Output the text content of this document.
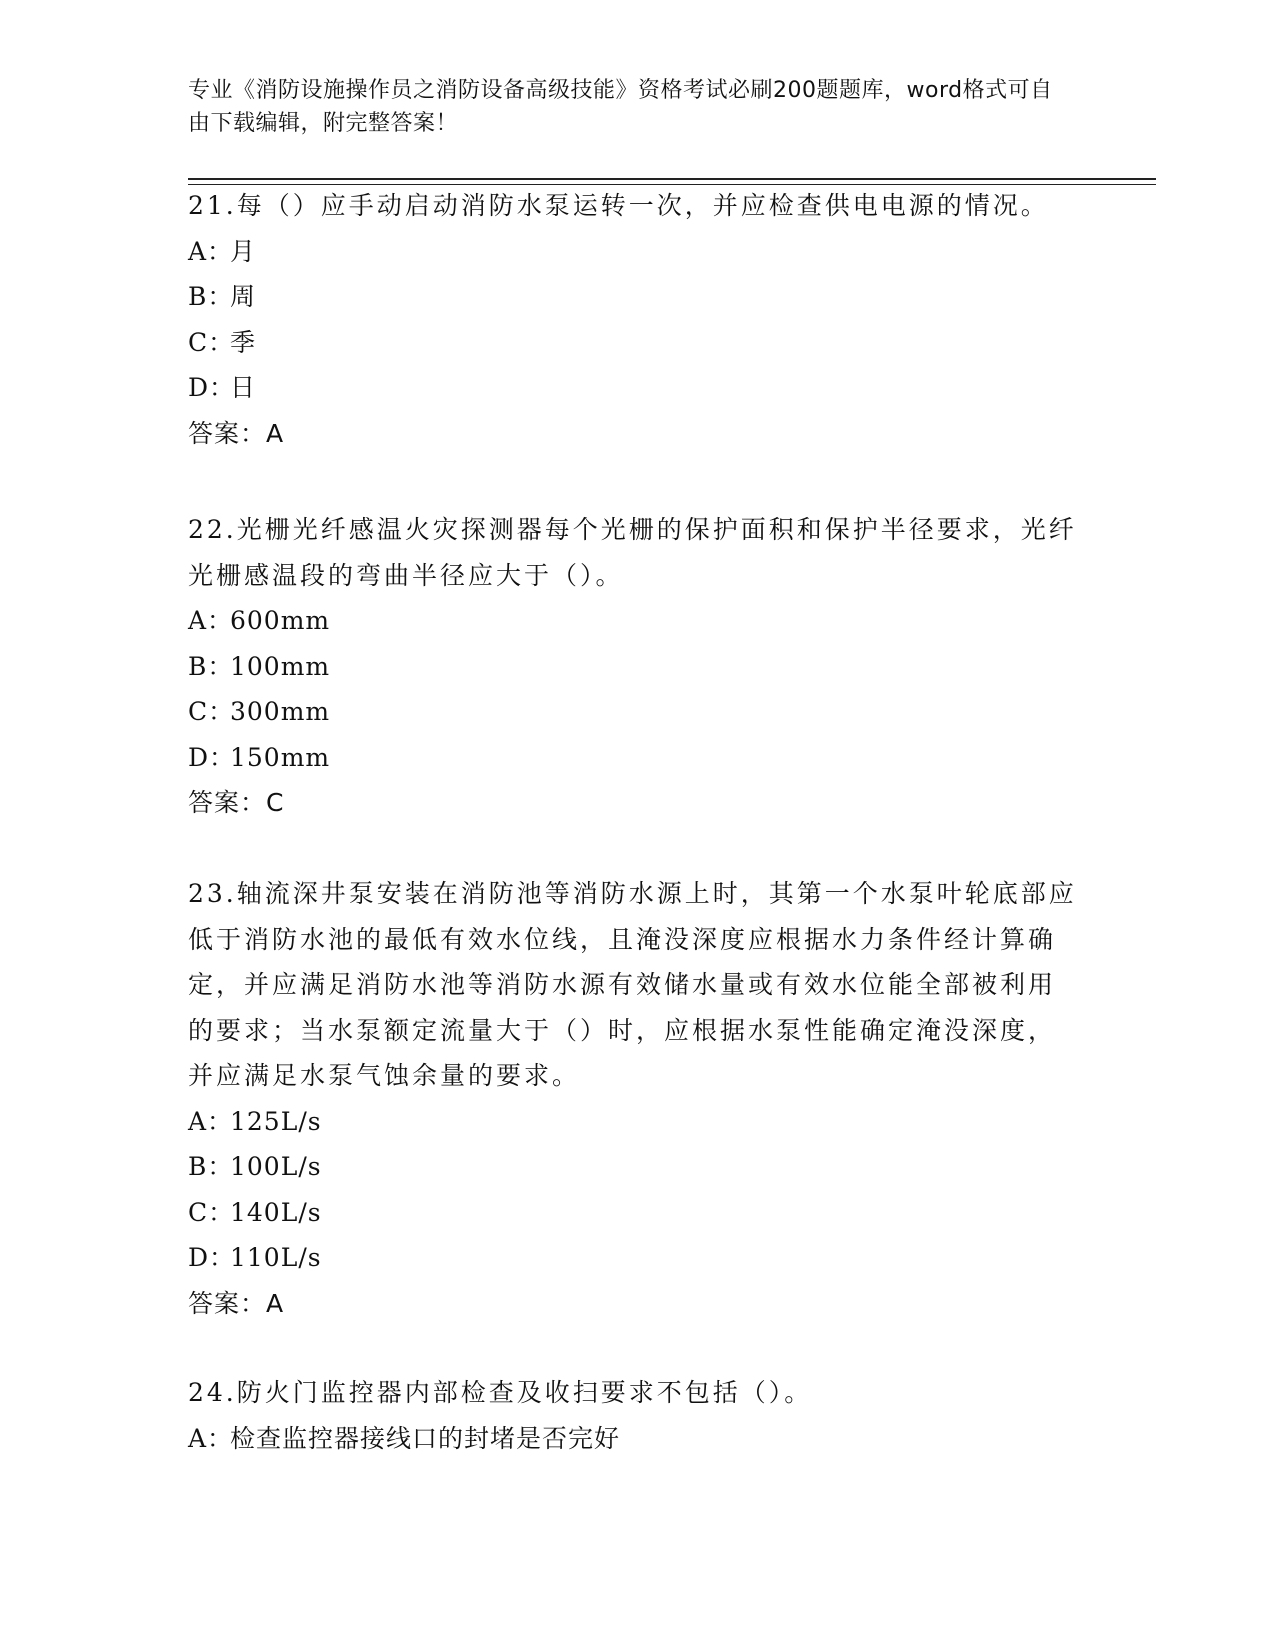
专业《消防设施操作员之消防设备高级技能》资格考试必刷200题题库，word格式可自由下载编辑，附完整答案！

21.每（）应手动启动消防水泵运转一次，并应检查供电电源的情况。

A：月

B：周

C：季

D：日

答案：A

22.光栅光纤感温火灾探测器每个光栅的保护面积和保护半径要求，光纤光栅感温段的弯曲半径应大于（）。

A：600mm

B：100mm

C：300mm

D：150mm

答案：C

23.轴流深井泵安装在消防池等消防水源上时，其第一个水泵叶轮底部应低于消防水池的最低有效水位线，且淹没深度应根据水力条件经计算确定，并应满足消防水池等消防水源有效储水量或有效水位能全部被利用的要求；当水泵额定流量大于（）时，应根据水泵性能确定淹没深度，并应满足水泵气蚀余量的要求。

A：125L/s

B：100L/s

C：140L/s

D：110L/s

答案：A

24.防火门监控器内部检查及收扫要求不包括（）。

A：检查监控器接线口的封堵是否完好
